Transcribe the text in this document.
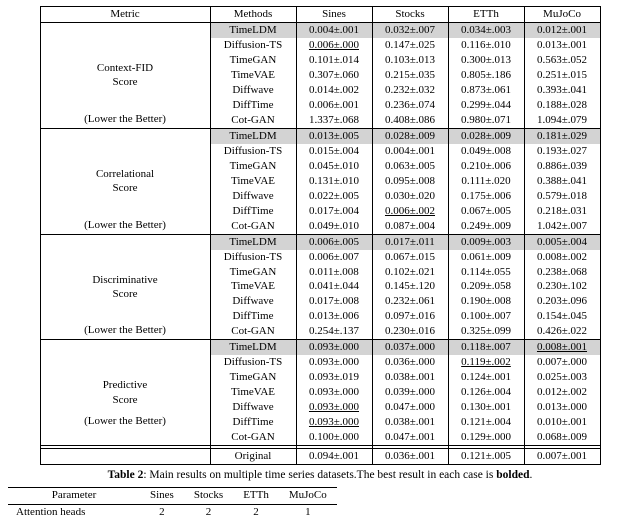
Metric	Methods	Sines	Stocks	ETTh	MuJoCo

Context-FID
Score
(Lower the Better)	TimeLDM	0.004±.001	0.032±.007	0.034±.003	0.012±.001
	Diffusion-TS	0.006±.000	0.147±.025	0.116±.010	0.013±.001
	TimeGAN	0.101±.014	0.103±.013	0.300±.013	0.563±.052
	TimeVAE	0.307±.060	0.215±.035	0.805±.186	0.251±.015
	Diffwave	0.014±.002	0.232±.032	0.873±.061	0.393±.041
	DiffTime	0.006±.001	0.236±.074	0.299±.044	0.188±.028
	Cot-GAN	1.337±.068	0.408±.086	0.980±.071	1.094±.079

Correlational
Score
(Lower the Better)	TimeLDM	0.013±.005	0.028±.009	0.028±.009	0.181±.029
	Diffusion-TS	0.015±.004	0.004±.001	0.049±.008	0.193±.027
	TimeGAN	0.045±.010	0.063±.005	0.210±.006	0.886±.039
	TimeVAE	0.131±.010	0.095±.008	0.111±.020	0.388±.041
	Diffwave	0.022±.005	0.030±.020	0.175±.006	0.579±.018
	DiffTime	0.017±.004	0.006±.002	0.067±.005	0.218±.031
	Cot-GAN	0.049±.010	0.087±.004	0.249±.009	1.042±.007

Discriminative
Score
(Lower the Better)	TimeLDM	0.006±.005	0.017±.011	0.009±.003	0.005±.004
	Diffusion-TS	0.006±.007	0.067±.015	0.061±.009	0.008±.002
	TimeGAN	0.011±.008	0.102±.021	0.114±.055	0.238±.068
	TimeVAE	0.041±.044	0.145±.120	0.209±.058	0.230±.102
	Diffwave	0.017±.008	0.232±.061	0.190±.008	0.203±.096
	DiffTime	0.013±.006	0.097±.016	0.100±.007	0.154±.045
	Cot-GAN	0.254±.137	0.230±.016	0.325±.099	0.426±.022

Predictive
Score
(Lower the Better)	TimeLDM	0.093±.000	0.037±.000	0.118±.007	0.008±.001
	Diffusion-TS	0.093±.000	0.036±.000	0.119±.002	0.007±.000
	TimeGAN	0.093±.019	0.038±.001	0.124±.001	0.025±.003
	TimeVAE	0.093±.000	0.039±.000	0.126±.004	0.012±.002
	Diffwave	0.093±.000	0.047±.000	0.130±.001	0.013±.000
	DiffTime	0.093±.000	0.038±.001	0.121±.004	0.010±.001
	Cot-GAN	0.100±.000	0.047±.001	0.129±.000	0.068±.009

	Original	0.094±.001	0.036±.001	0.121±.005	0.007±.001
Table 2: Main results on multiple time series datasets.The best result in each case is bolded.
Parameter	Sines	Stocks	ETTh	MuJoCo
Attention heads	2	2	2	1
